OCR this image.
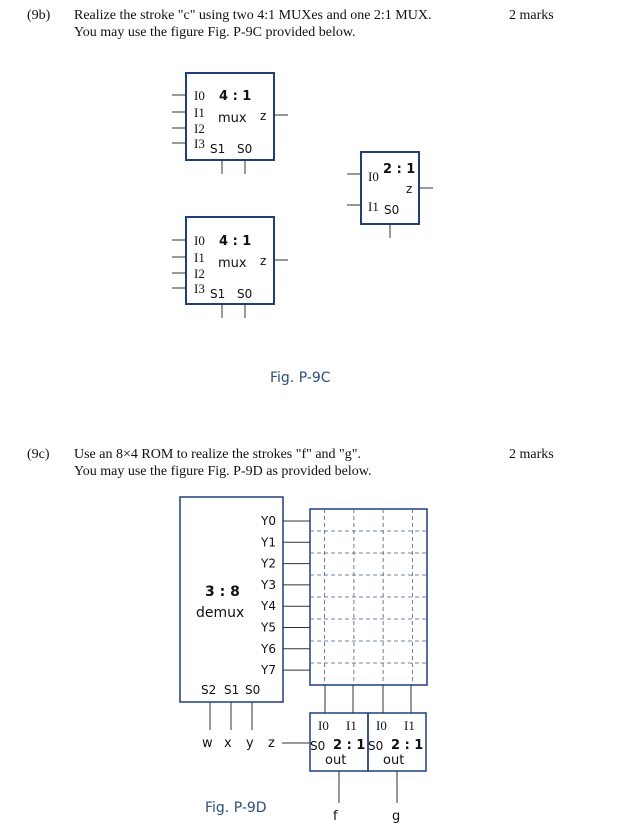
(9b) Realize the stroke "c" using two 4:1 MUXes and one 2:1 MUX.
You may use the figure Fig. P-9C provided below.
2 marks
(9c) Use an 8×4 ROM to realize the strokes "f" and "g".
You may use the figure Fig. P-9D as provided below.
2 marks
4 : 1
mux z
I0
I1
I2
I3 S1 S0
4 : 1
mux z
I0
I1
I2
I3 S1 S0
2 : 1
I0
I1
z
S0
Fig. P-9C
3 : 8
demux
Y0
Y1
Y2
Y3
Y4
Y5
Y6
Y7
S2 S1 S0
w x y z
I0 I1
S0 2 : 1
out
I0 I1
S0 2 : 1
out
f	g
Fig. P-9D
